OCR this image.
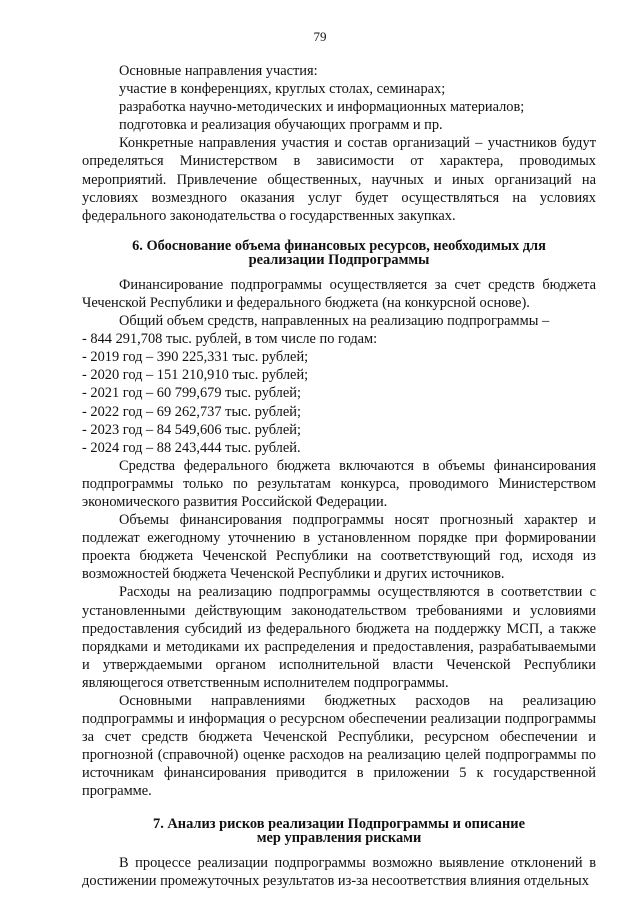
79

Основные направления участия:

участие в конференциях, круглых столах, семинарах;

разработка научно-методических и информационных материалов;

подготовка и реализация обучающих программ и пр.

Конкретные направления участия и состав организаций – участников будут определяться Министерством в зависимости от характера, проводимых мероприятий. Привлечение общественных, научных и иных организаций на условиях возмездного оказания услуг будет осуществляться на условиях федерального законодательства о государственных закупках.

6. Обоснование объема финансовых ресурсов, необходимых для
реализации Подпрограммы

Финансирование подпрограммы осуществляется за счет средств бюджета Чеченской Республики и федерального бюджета (на конкурсной основе).

Общий объем средств, направленных на реализацию подпрограммы –

- 844 291,708 тыс. рублей, в том числе по годам:

- 2019 год – 390 225,331 тыс. рублей;

- 2020 год – 151 210,910 тыс. рублей;

- 2021 год – 60 799,679 тыс. рублей;

- 2022 год – 69 262,737 тыс. рублей;

- 2023 год – 84 549,606 тыс. рублей;

- 2024 год – 88 243,444 тыс. рублей.

Средства федерального бюджета включаются в объемы финансирования подпрограммы только по результатам конкурса, проводимого Министерством экономического развития Российской Федерации.

Объемы финансирования подпрограммы носят прогнозный характер и подлежат ежегодному уточнению в установленном порядке при формировании проекта бюджета Чеченской Республики на соответствующий год, исходя из возможностей бюджета Чеченской Республики и других источников.

Расходы на реализацию подпрограммы осуществляются в соответствии с установленными действующим законодательством требованиями и условиями предоставления субсидий из федерального бюджета на поддержку МСП, а также порядками и методиками их распределения и предоставления, разрабатываемыми и утверждаемыми органом исполнительной власти Чеченской Республики являющегося ответственным исполнителем подпрограммы.

Основными направлениями бюджетных расходов на реализацию подпрограммы и информация о ресурсном обеспечении реализации подпрограммы за счет средств бюджета Чеченской Республики, ресурсном обеспечении и прогнозной (справочной) оценке расходов на реализацию целей подпрограммы по источникам финансирования приводится в приложении 5 к государственной программе.

7. Анализ рисков реализации Подпрограммы и описание
мер управления рисками

В процессе реализации подпрограммы возможно выявление отклонений в достижении промежуточных результатов из-за несоответствия влияния отдельных
